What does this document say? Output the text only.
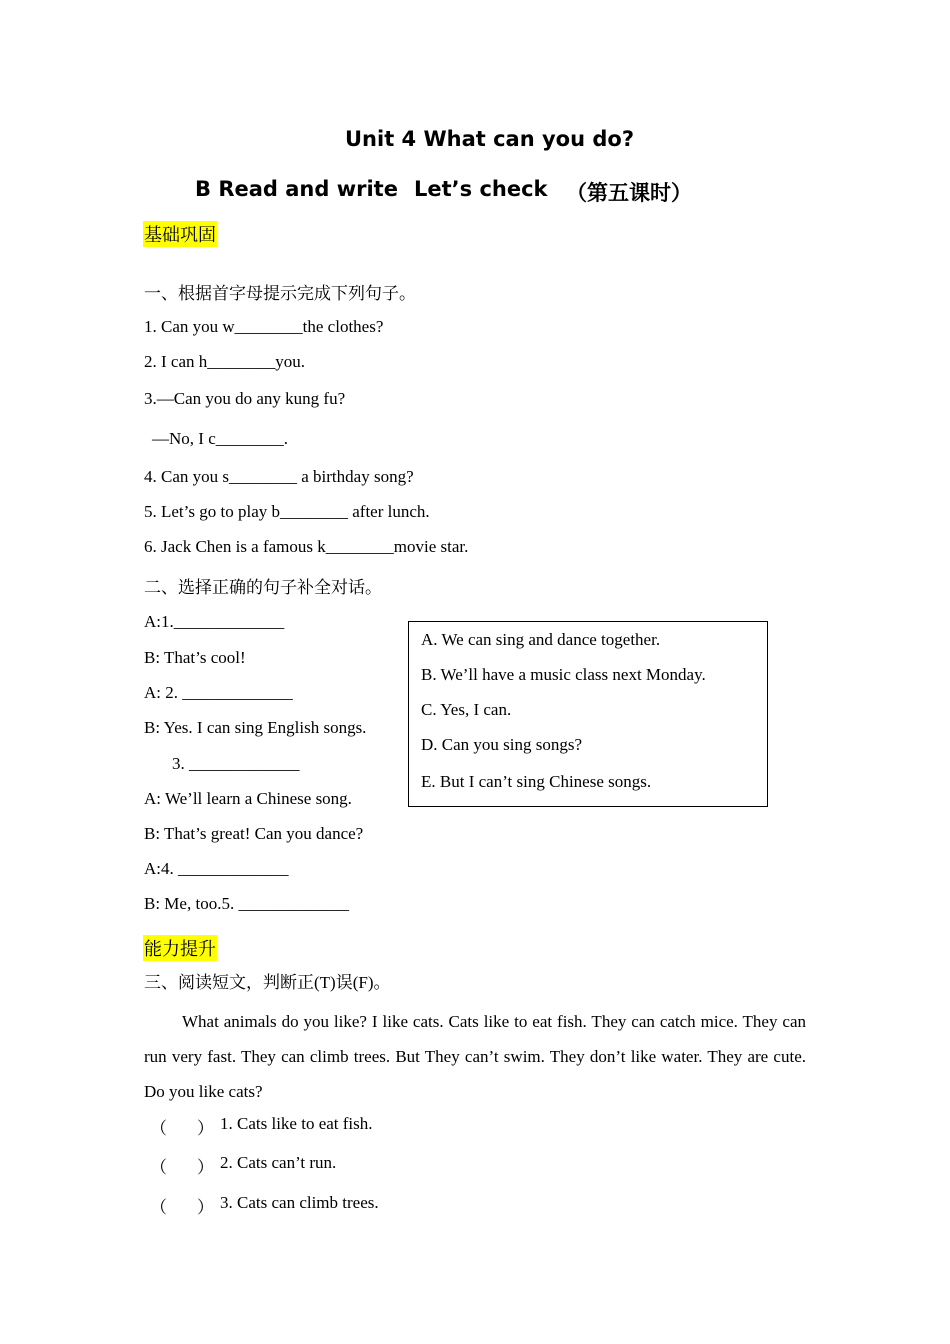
Unit 4 What can you do?
B Read and write Let’s check （第五课时）
基础巩固
一、根据首字母提示完成下列句子。
1. Can you w________the clothes?
2. I can h________you.
3.—Can you do any kung fu?
—No, I c________.
4. Can you s________ a birthday song?
5. Let’s go to play b________ after lunch.
6. Jack Chen is a famous k________movie star.
二、选择正确的句子补全对话。
A:1._____________
B: That’s cool!
A: 2. _____________
B: Yes. I can sing English songs.
3. _____________
A: We’ll learn a Chinese song.
B: That’s great! Can you dance?
A:4. _____________
B: Me, too.5. _____________
A. We can sing and dance together.
B. We’ll have a music class next Monday.
C. Yes, I can.
D. Can you sing songs?
E. But I can’t sing Chinese songs.
能力提升
三、阅读短文，判断正(T)误(F)。
What animals do you like? I like cats. Cats like to eat fish. They can catch mice. They can run very fast. They can climb trees. But They can’t swim. They don’t like water. They are cute. Do you like cats?
（ ） 1. Cats like to eat fish.
（ ） 2. Cats can’t run.
（ ） 3. Cats can climb trees.
